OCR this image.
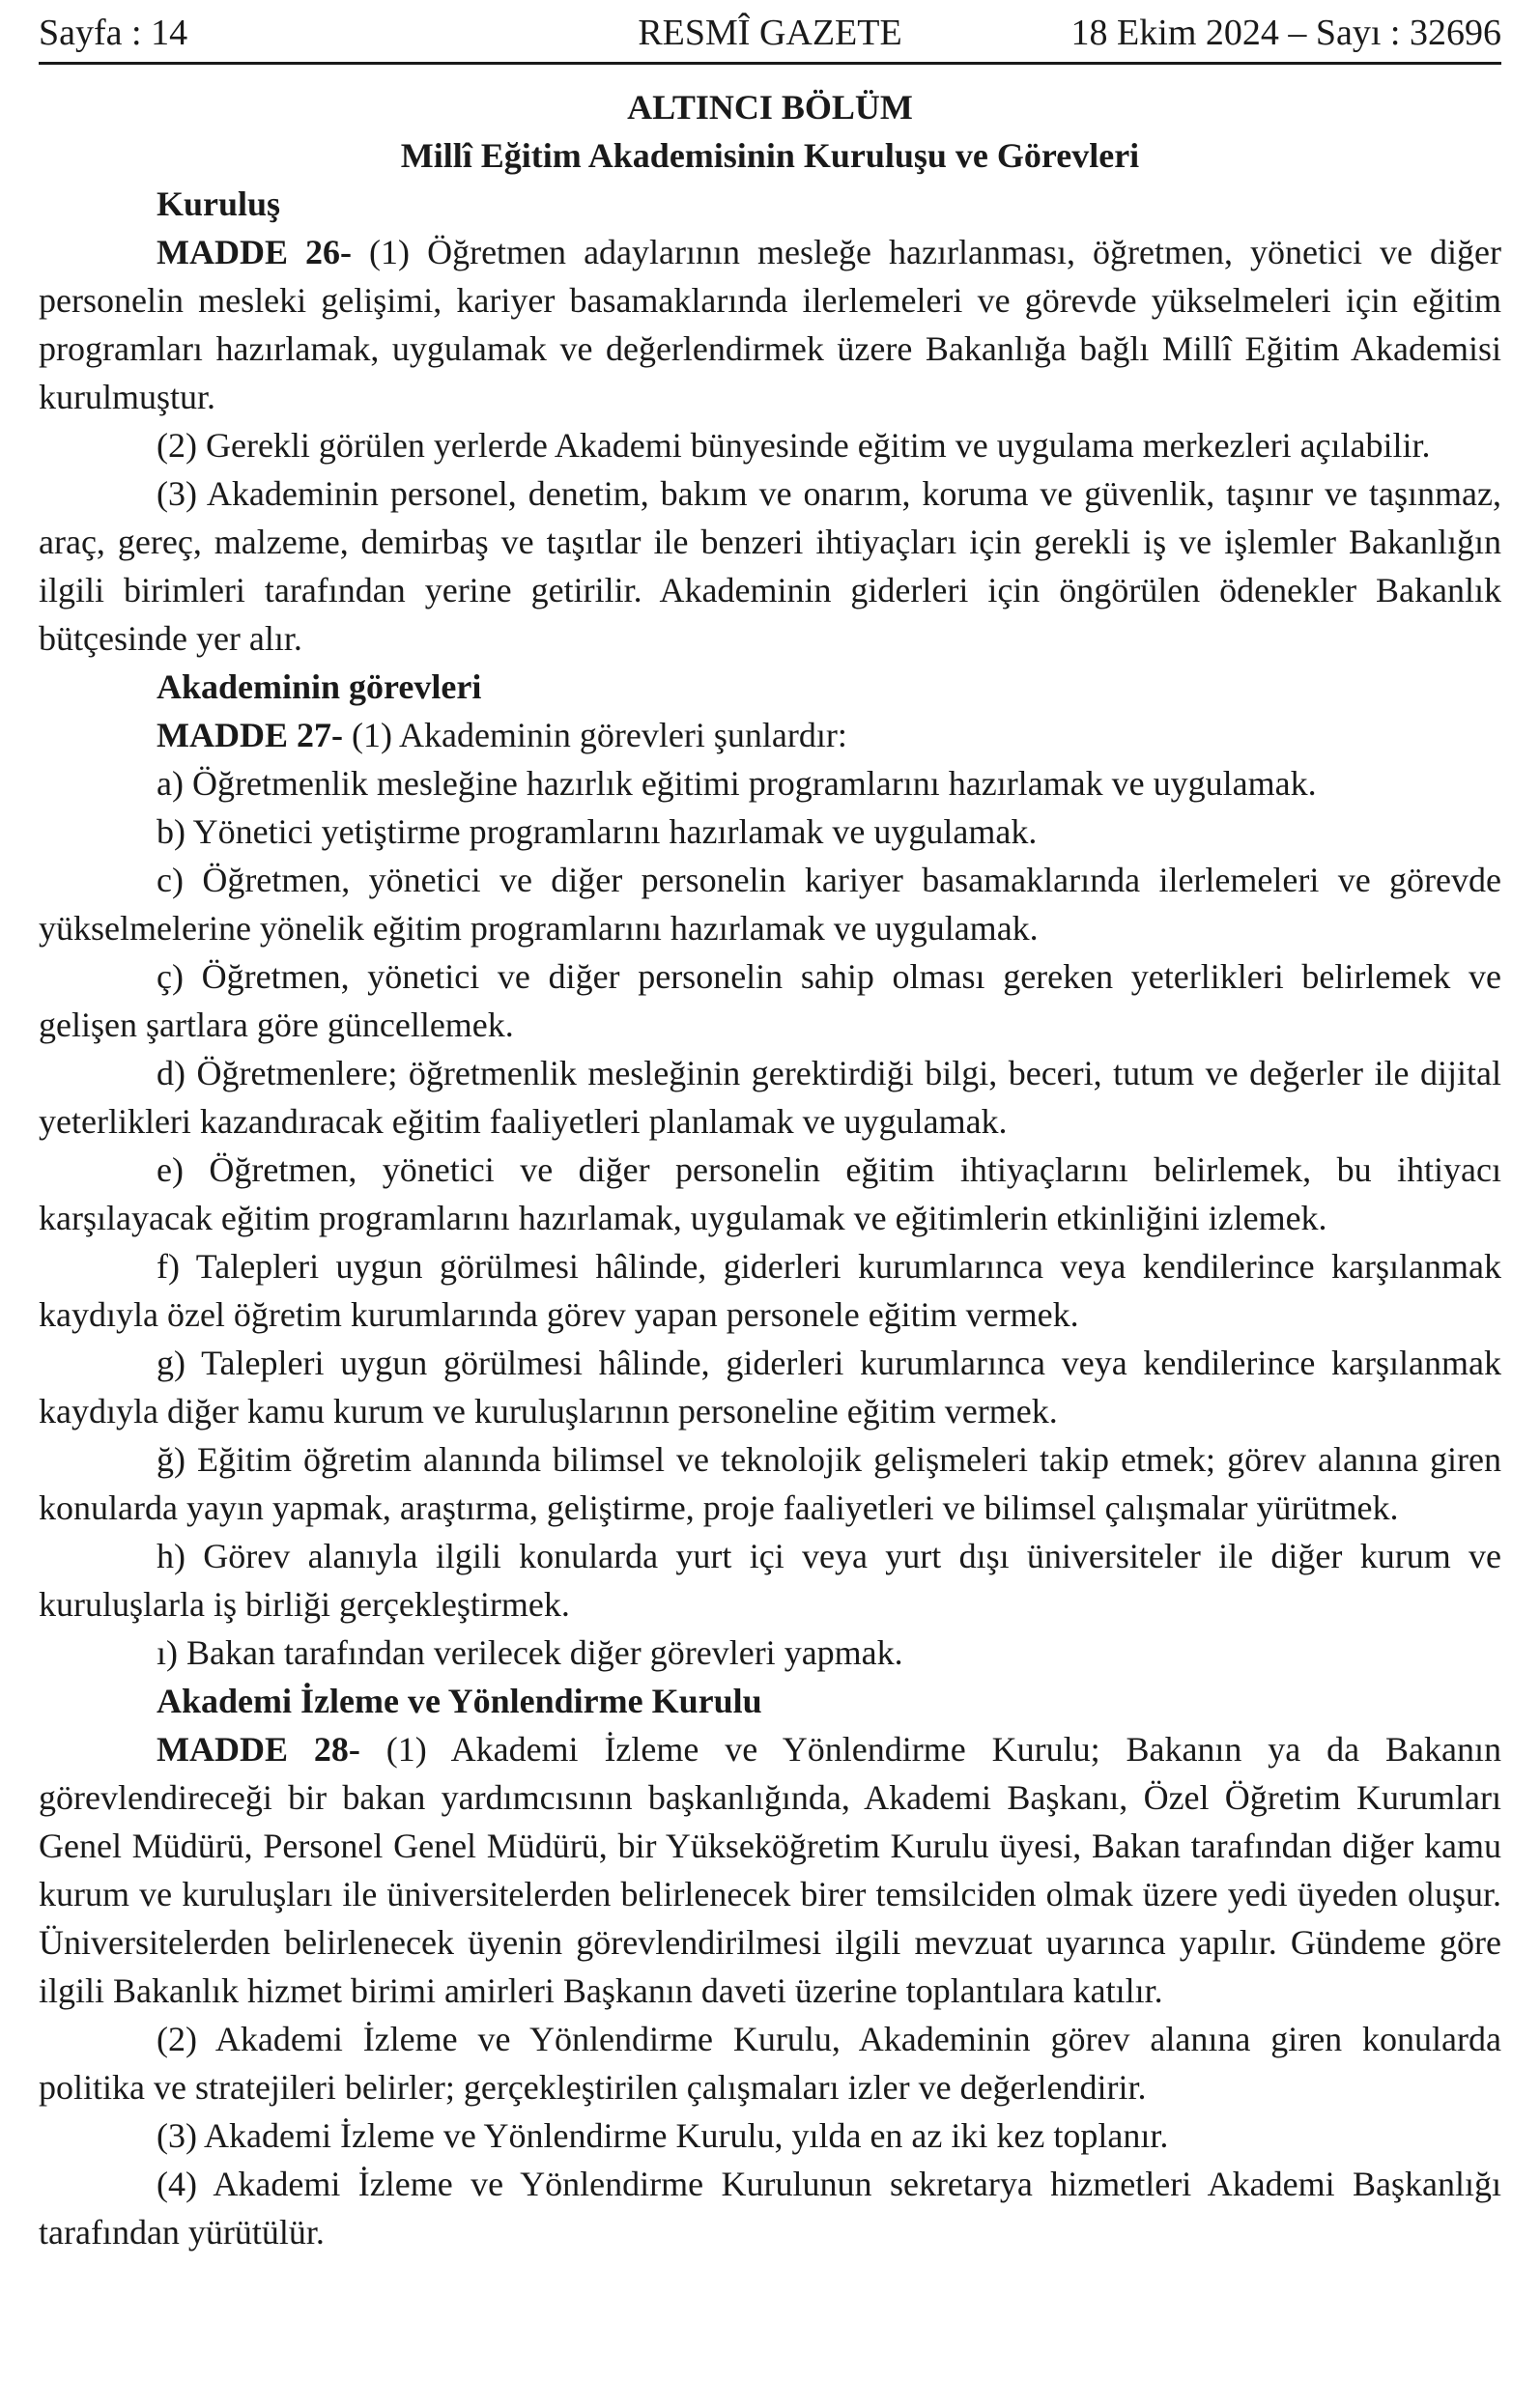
Sayfa : 14	RESMÎ GAZETE	18 Ekim 2024 – Sayı : 32696

ALTINCI BÖLÜM

Millî Eğitim Akademisinin Kuruluşu ve Görevleri

Kuruluş

MADDE 26- (1) Öğretmen adaylarının mesleğe hazırlanması, öğretmen, yönetici ve diğer personelin mesleki gelişimi, kariyer basamaklarında ilerlemeleri ve görevde yükselmeleri için eğitim programları hazırlamak, uygulamak ve değerlendirmek üzere Bakanlığa bağlı Millî Eğitim Akademisi kurulmuştur.

(2) Gerekli görülen yerlerde Akademi bünyesinde eğitim ve uygulama merkezleri açılabilir.

(3) Akademinin personel, denetim, bakım ve onarım, koruma ve güvenlik, taşınır ve taşınmaz, araç, gereç, malzeme, demirbaş ve taşıtlar ile benzeri ihtiyaçları için gerekli iş ve işlemler Bakanlığın ilgili birimleri tarafından yerine getirilir. Akademinin giderleri için öngörülen ödenekler Bakanlık bütçesinde yer alır.

Akademinin görevleri

MADDE 27- (1) Akademinin görevleri şunlardır:

a) Öğretmenlik mesleğine hazırlık eğitimi programlarını hazırlamak ve uygulamak.

b) Yönetici yetiştirme programlarını hazırlamak ve uygulamak.

c) Öğretmen, yönetici ve diğer personelin kariyer basamaklarında ilerlemeleri ve görevde yükselmelerine yönelik eğitim programlarını hazırlamak ve uygulamak.

ç) Öğretmen, yönetici ve diğer personelin sahip olması gereken yeterlikleri belirlemek ve gelişen şartlara göre güncellemek.

d) Öğretmenlere; öğretmenlik mesleğinin gerektirdiği bilgi, beceri, tutum ve değerler ile dijital yeterlikleri kazandıracak eğitim faaliyetleri planlamak ve uygulamak.

e) Öğretmen, yönetici ve diğer personelin eğitim ihtiyaçlarını belirlemek, bu ihtiyacı karşılayacak eğitim programlarını hazırlamak, uygulamak ve eğitimlerin etkinliğini izlemek.

f) Talepleri uygun görülmesi hâlinde, giderleri kurumlarınca veya kendilerince karşılanmak kaydıyla özel öğretim kurumlarında görev yapan personele eğitim vermek.

g) Talepleri uygun görülmesi hâlinde, giderleri kurumlarınca veya kendilerince karşılanmak kaydıyla diğer kamu kurum ve kuruluşlarının personeline eğitim vermek.

ğ) Eğitim öğretim alanında bilimsel ve teknolojik gelişmeleri takip etmek; görev alanına giren konularda yayın yapmak, araştırma, geliştirme, proje faaliyetleri ve bilimsel çalışmalar yürütmek.

h) Görev alanıyla ilgili konularda yurt içi veya yurt dışı üniversiteler ile diğer kurum ve kuruluşlarla iş birliği gerçekleştirmek.

ı) Bakan tarafından verilecek diğer görevleri yapmak.

Akademi İzleme ve Yönlendirme Kurulu

MADDE 28- (1) Akademi İzleme ve Yönlendirme Kurulu; Bakanın ya da Bakanın görevlendireceği bir bakan yardımcısının başkanlığında, Akademi Başkanı, Özel Öğretim Kurumları Genel Müdürü, Personel Genel Müdürü, bir Yükseköğretim Kurulu üyesi, Bakan tarafından diğer kamu kurum ve kuruluşları ile üniversitelerden belirlenecek birer temsilciden olmak üzere yedi üyeden oluşur. Üniversitelerden belirlenecek üyenin görevlendirilmesi ilgili mevzuat uyarınca yapılır. Gündeme göre ilgili Bakanlık hizmet birimi amirleri Başkanın daveti üzerine toplantılara katılır.

(2) Akademi İzleme ve Yönlendirme Kurulu, Akademinin görev alanına giren konularda politika ve stratejileri belirler; gerçekleştirilen çalışmaları izler ve değerlendirir.

(3) Akademi İzleme ve Yönlendirme Kurulu, yılda en az iki kez toplanır.

(4) Akademi İzleme ve Yönlendirme Kurulunun sekretarya hizmetleri Akademi Başkanlığı tarafından yürütülür.
